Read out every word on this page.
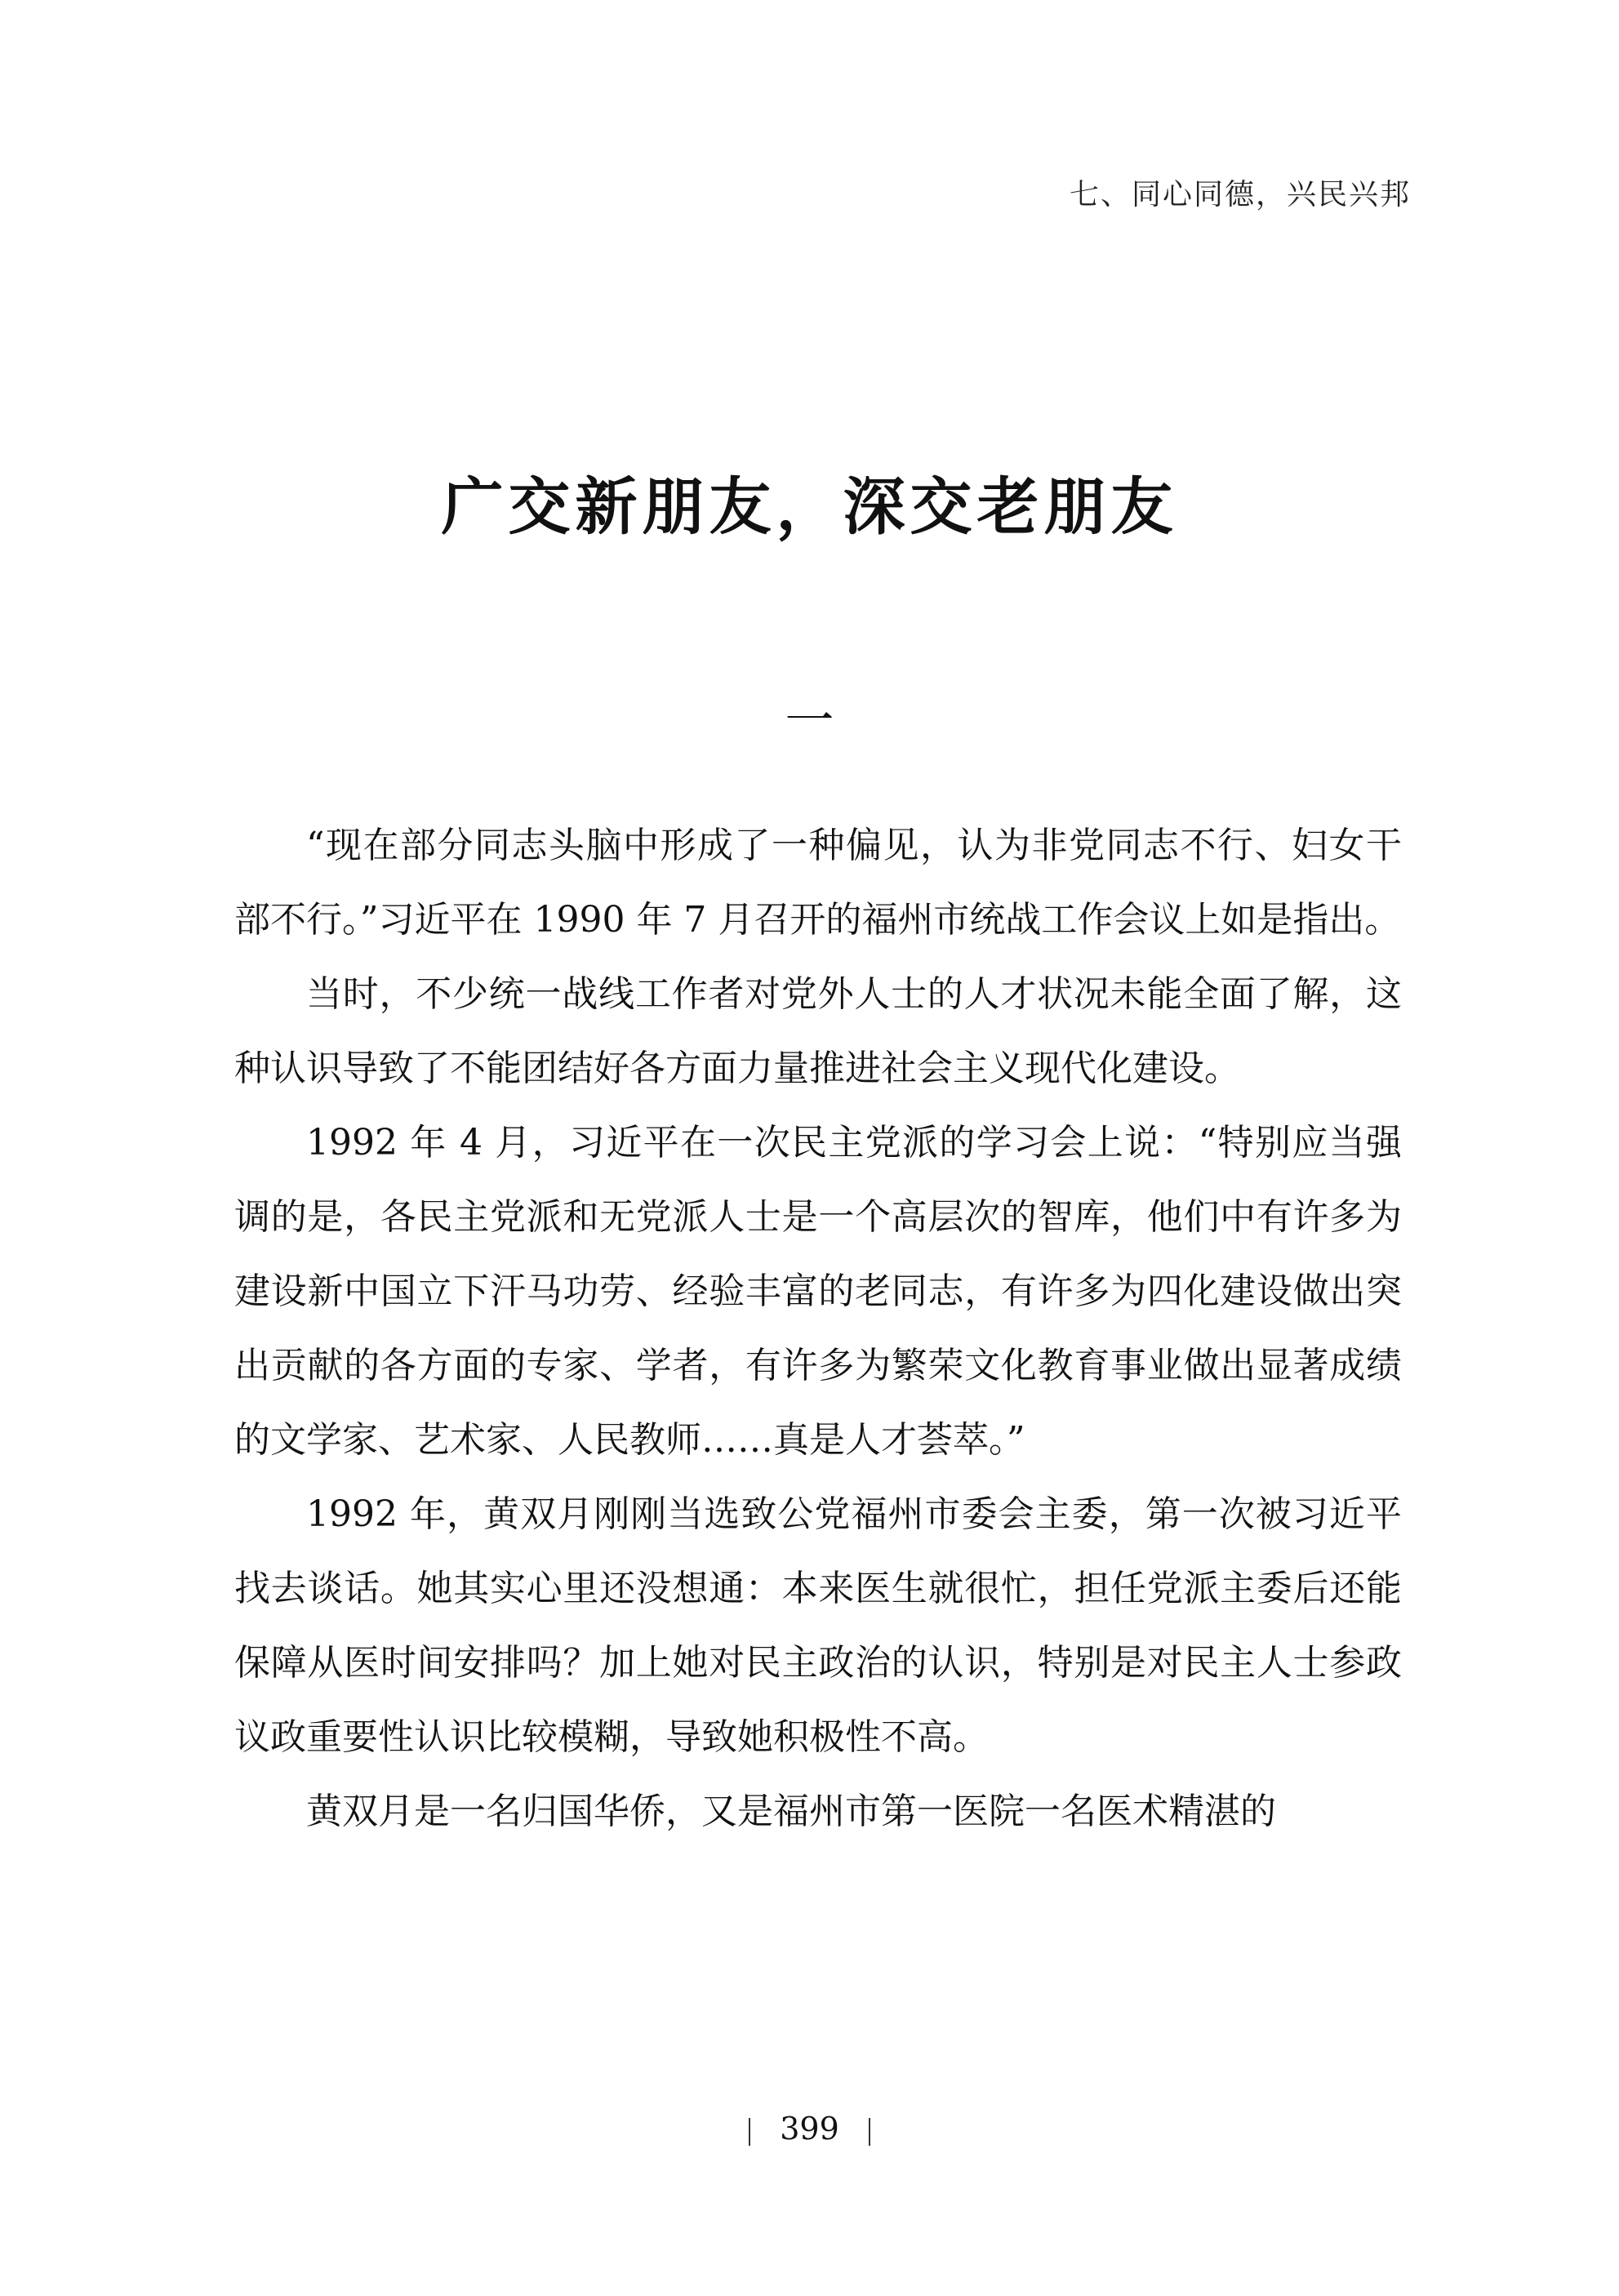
七、同心同德，兴民兴邦
广交新朋友，深交老朋友
一

“现在部分同志头脑中形成了一种偏见，认为非党同志不行、妇女干部不行。”习近平在 1990 年 7 月召开的福州市统战工作会议上如是指出。

当时，不少统一战线工作者对党外人士的人才状况未能全面了解，这种认识导致了不能团结好各方面力量推进社会主义现代化建设。

1992 年 4 月，习近平在一次民主党派的学习会上说：“特别应当强调的是，各民主党派和无党派人士是一个高层次的智库，他们中有许多为建设新中国立下汗马功劳、经验丰富的老同志，有许多为四化建设做出突出贡献的各方面的专家、学者，有许多为繁荣文化教育事业做出显著成绩的文学家、艺术家、人民教师……真是人才荟萃。”

1992 年，黄双月刚刚当选致公党福州市委会主委，第一次被习近平找去谈话。她其实心里还没想通：本来医生就很忙，担任党派主委后还能保障从医时间安排吗？加上她对民主政治的认识，特别是对民主人士参政议政重要性认识比较模糊，导致她积极性不高。

黄双月是一名归国华侨，又是福州市第一医院一名医术精湛的

399
